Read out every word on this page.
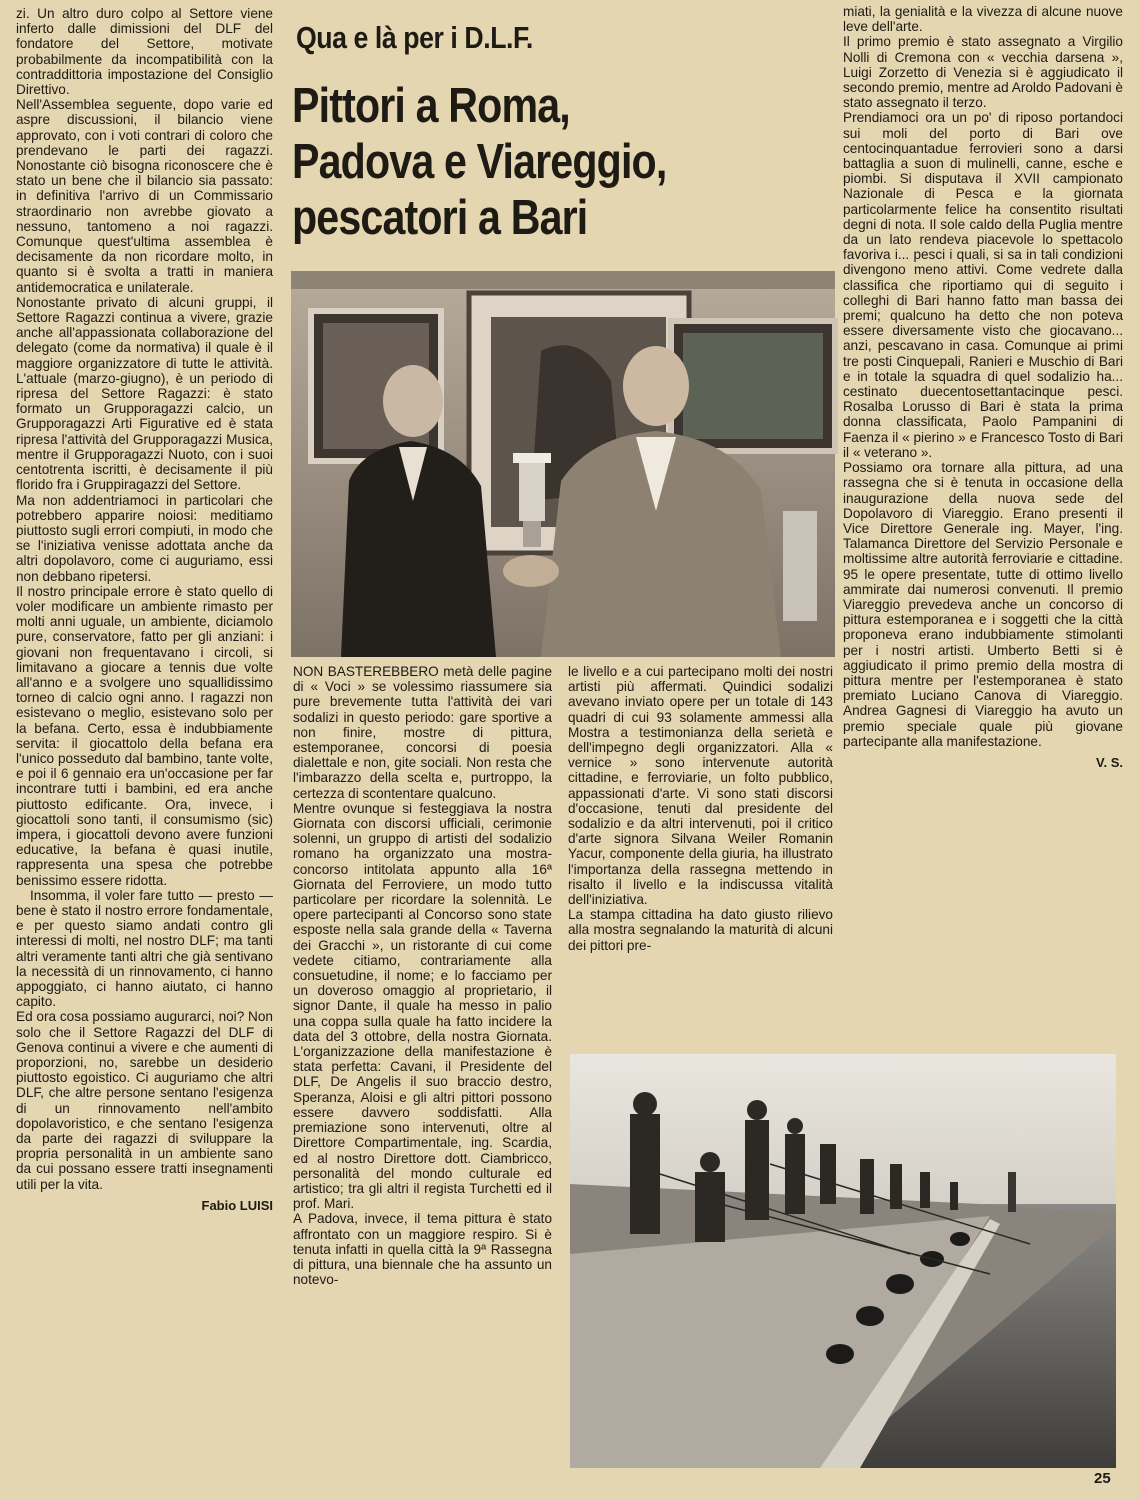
zi. Un altro duro colpo al Settore viene inferto dalle dimissioni del DLF del fondatore del Settore, motivate probabilmente da incompatibilità con la contraddittoria impostazione del Consiglio Direttivo.

Nell'Assemblea seguente, dopo varie ed aspre discussioni, il bilancio viene approvato, con i voti contrari di coloro che prendevano le parti dei ragazzi. Nonostante ciò bisogna riconoscere che è stato un bene che il bilancio sia passato: in definitiva l'arrivo di un Commissario straordinario non avrebbe giovato a nessuno, tantomeno a noi ragazzi. Comunque quest'ultima assemblea è decisamente da non ricordare molto, in quanto si è svolta a tratti in maniera antidemocratica e unilaterale.

Nonostante privato di alcuni gruppi, il Settore Ragazzi continua a vivere, grazie anche all'appassionata collaborazione del delegato (come da normativa) il quale è il maggiore organizzatore di tutte le attività. L'attuale (marzo-giugno), è un periodo di ripresa del Settore Ragazzi: è stato formato un Grupporagazzi calcio, un Grupporagazzi Arti Figurative ed è stata ripresa l'attività del Grupporagazzi Musica, mentre il Grupporagazzi Nuoto, con i suoi centotrenta iscritti, è decisamente il più florido fra i Gruppiragazzi del Settore.

Ma non addentriamoci in particolari che potrebbero apparire noiosi: meditiamo piuttosto sugli errori compiuti, in modo che se l'iniziativa venisse adottata anche da altri dopolavoro, come ci auguriamo, essi non debbano ripetersi.

Il nostro principale errore è stato quello di voler modificare un ambiente rimasto per molti anni uguale, un ambiente, diciamolo pure, conservatore, fatto per gli anziani: i giovani non frequentavano i circoli, si limitavano a giocare a tennis due volte all'anno e a svolgere uno squallidissimo torneo di calcio ogni anno. I ragazzi non esistevano o meglio, esistevano solo per la befana. Certo, essa è indubbiamente servita: il giocattolo della befana era l'unico posseduto dal bambino, tante volte, e poi il 6 gennaio era un'occasione per far incontrare tutti i bambini, ed era anche piuttosto edificante. Ora, invece, i giocattoli sono tanti, il consumismo (sic) impera, i giocattoli devono avere funzioni educative, la befana è quasi inutile, rappresenta una spesa che potrebbe benissimo essere ridotta.

Insomma, il voler fare tutto — presto — bene è stato il nostro errore fondamentale, e per questo siamo andati contro gli interessi di molti, nel nostro DLF; ma tanti altri veramente tanti altri che già sentivano la necessità di un rinnovamento, ci hanno appoggiato, ci hanno aiutato, ci hanno capito.

Ed ora cosa possiamo augurarci, noi? Non solo che il Settore Ragazzi del DLF di Genova continui a vivere e che aumenti di proporzioni, no, sarebbe un desiderio piuttosto egoistico. Ci auguriamo che altri DLF, che altre persone sentano l'esigenza di un rinnovamento nell'ambito dopolavoristico, e che sentano l'esigenza da parte dei ragazzi di sviluppare la propria personalità in un ambiente sano da cui possano essere tratti insegnamenti utili per la vita.

Fabio LUISI

Qua e là per i D.L.F.
Pittori a Roma,
Padova e Viareggio,
pescatori a Bari

NON BASTEREBBERO metà delle pagine di « Voci » se volessimo riassumere sia pure brevemente tutta l'attività dei vari sodalizi in questo periodo: gare sportive a non finire, mostre di pittura, estemporanee, concorsi di poesia dialettale e non, gite sociali. Non resta che l'imbarazzo della scelta e, purtroppo, la certezza di scontentare qualcuno.

Mentre ovunque si festeggiava la nostra Giornata con discorsi ufficiali, cerimonie solenni, un gruppo di artisti del sodalizio romano ha organizzato una mostra-concorso intitolata appunto alla 16ª Giornata del Ferroviere, un modo tutto particolare per ricordare la solennità. Le opere partecipanti al Concorso sono state esposte nella sala grande della « Taverna dei Gracchi », un ristorante di cui come vedete citiamo, contrariamente alla consuetudine, il nome; e lo facciamo per un doveroso omaggio al proprietario, il signor Dante, il quale ha messo in palio una coppa sulla quale ha fatto incidere la data del 3 ottobre, della nostra Giornata. L'organizzazione della manifestazione è stata perfetta: Cavani, il Presidente del DLF, De Angelis il suo braccio destro, Speranza, Aloisi e gli altri pittori possono essere davvero soddisfatti. Alla premiazione sono intervenuti, oltre al Direttore Compartimentale, ing. Scardia, ed al nostro Direttore dott. Ciambricco, personalità del mondo culturale ed artistico; tra gli altri il regista Turchetti ed il prof. Mari.

A Padova, invece, il tema pittura è stato affrontato con un maggiore respiro. Si è tenuta infatti in quella città la 9ª Rassegna di pittura, una biennale che ha assunto un notevo-

le livello e a cui partecipano molti dei nostri artisti più affermati. Quindici sodalizi avevano inviato opere per un totale di 143 quadri di cui 93 solamente ammessi alla Mostra a testimonianza della serietà e dell'impegno degli organizzatori. Alla « vernice » sono intervenute autorità cittadine, e ferroviarie, un folto pubblico, appassionati d'arte. Vi sono stati discorsi d'occasione, tenuti dal presidente del sodalizio e da altri intervenuti, poi il critico d'arte signora Silvana Weiler Romanin Yacur, componente della giuria, ha illustrato l'importanza della rassegna mettendo in risalto il livello e la indiscussa vitalità dell'iniziativa.

La stampa cittadina ha dato giusto rilievo alla mostra segnalando la maturità di alcuni dei pittori pre-

miati, la genialità e la vivezza di alcune nuove leve dell'arte.

Il primo premio è stato assegnato a Virgilio Nolli di Cremona con « vecchia darsena », Luigi Zorzetto di Venezia si è aggiudicato il secondo premio, mentre ad Aroldo Padovani è stato assegnato il terzo.

Prendiamoci ora un po' di riposo portandoci sui moli del porto di Bari ove centocinquantadue ferrovieri sono a darsi battaglia a suon di mulinelli, canne, esche e piombi. Si disputava il XVII campionato Nazionale di Pesca e la giornata particolarmente felice ha consentito risultati degni di nota. Il sole caldo della Puglia mentre da un lato rendeva piacevole lo spettacolo favoriva i... pesci i quali, si sa in tali condizioni divengono meno attivi. Come vedrete dalla classifica che riportiamo qui di seguito i colleghi di Bari hanno fatto man bassa dei premi; qualcuno ha detto che non poteva essere diversamente visto che giocavano... anzi, pescavano in casa. Comunque ai primi tre posti Cinquepali, Ranieri e Muschio di Bari e in totale la squadra di quel sodalizio ha... cestinato duecentosettantacinque pesci. Rosalba Lorusso di Bari è stata la prima donna classificata, Paolo Pampanini di Faenza il « pierino » e Francesco Tosto di Bari il « veterano ».

Possiamo ora tornare alla pittura, ad una rassegna che si è tenuta in occasione della inaugurazione della nuova sede del Dopolavoro di Viareggio. Erano presenti il Vice Direttore Generale ing. Mayer, l'ing. Talamanca Direttore del Servizio Personale e moltissime altre autorità ferroviarie e cittadine. 95 le opere presentate, tutte di ottimo livello ammirate dai numerosi convenuti. Il premio Viareggio prevedeva anche un concorso di pittura estemporanea e i soggetti che la città proponeva erano indubbiamente stimolanti per i nostri artisti. Umberto Betti si è aggiudicato il primo premio della mostra di pittura mentre per l'estemporanea è stato premiato Luciano Canova di Viareggio. Andrea Gagnesi di Viareggio ha avuto un premio speciale quale più giovane partecipante alla manifestazione.

V. S.

25
